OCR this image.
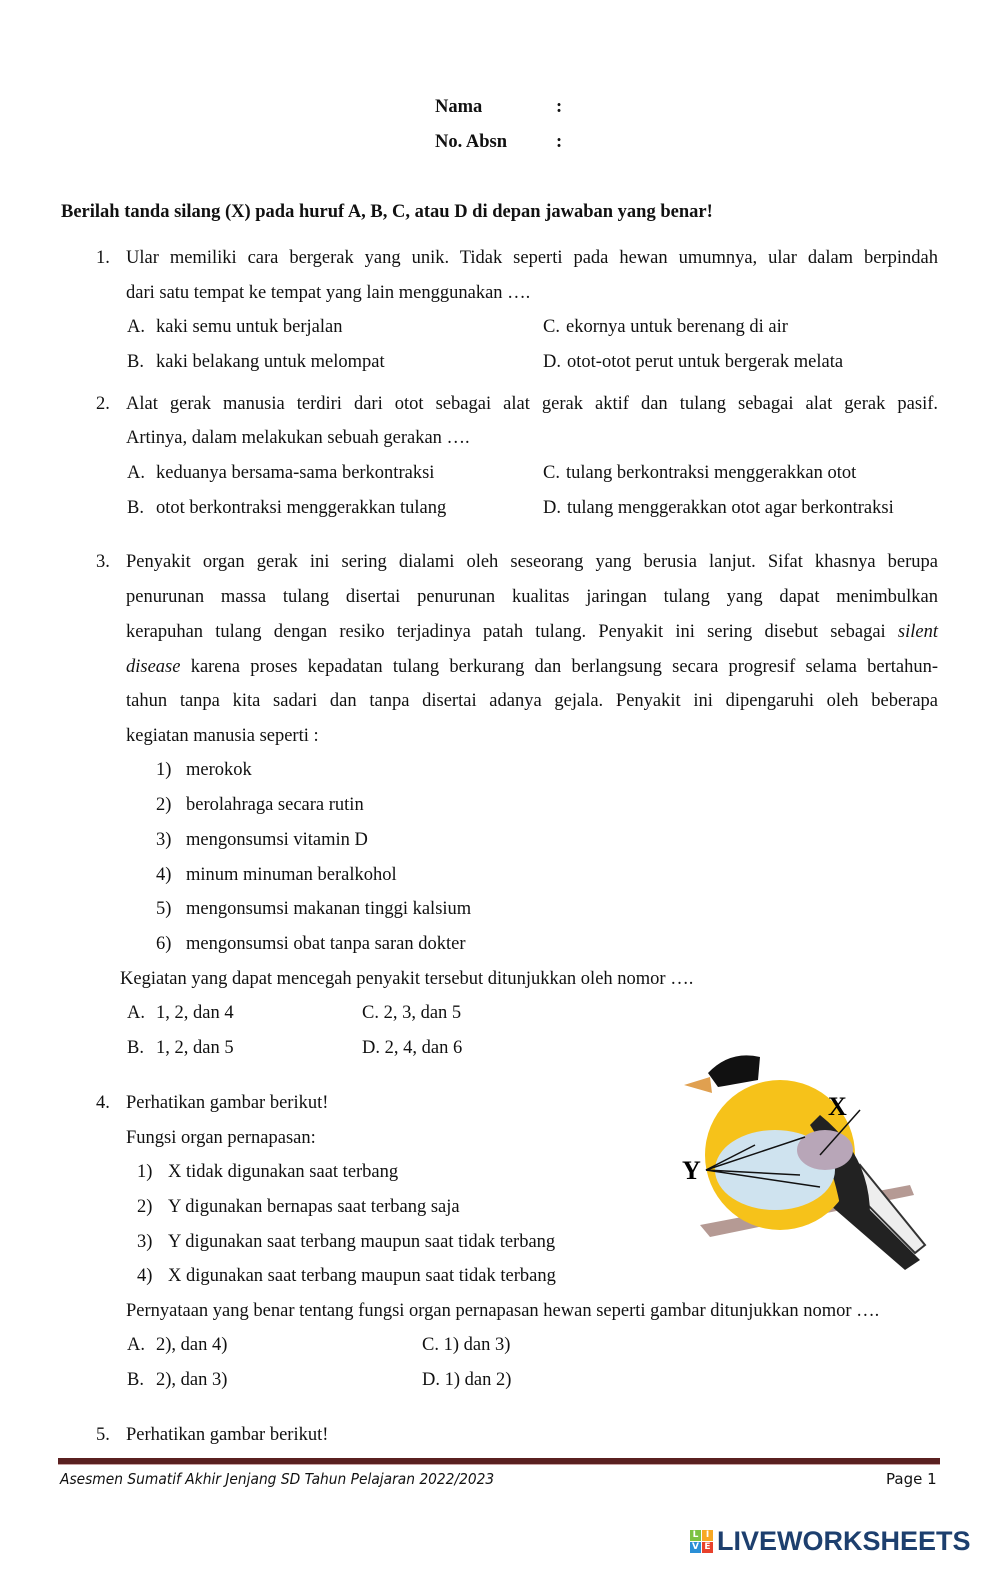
Nama	:
No. Absn	:
Berilah tanda silang (X) pada huruf A, B, C, atau D di depan jawaban yang benar!
1. Ular memiliki cara bergerak yang unik. Tidak seperti pada hewan umumnya, ular dalam berpindah
dari satu tempat ke tempat yang lain menggunakan ….
A. kaki semu untuk berjalan
B. kaki belakang untuk melompat
C. ekornya untuk berenang di air
D. otot-otot perut untuk bergerak melata
2. Alat gerak manusia terdiri dari otot sebagai alat gerak aktif dan tulang sebagai alat gerak pasif.
Artinya, dalam melakukan sebuah gerakan ….
A. keduanya bersama-sama berkontraksi
B. otot berkontraksi menggerakkan tulang
C. tulang berkontraksi menggerakkan otot
D. tulang menggerakkan otot agar berkontraksi
3. Penyakit organ gerak ini sering dialami oleh seseorang yang berusia lanjut. Sifat khasnya berupa
penurunan massa tulang disertai penurunan kualitas jaringan tulang yang dapat menimbulkan
kerapuhan tulang dengan resiko terjadinya patah tulang. Penyakit ini sering disebut sebagai silent
disease karena proses kepadatan tulang berkurang dan berlangsung secara progresif selama bertahun-
tahun tanpa kita sadari dan tanpa disertai adanya gejala. Penyakit ini dipengaruhi oleh beberapa
kegiatan manusia seperti :
1) merokok
2) berolahraga secara rutin
3) mengonsumsi vitamin D
4) minum minuman beralkohol
5) mengonsumsi makanan tinggi kalsium
6) mengonsumsi obat tanpa saran dokter
Kegiatan yang dapat mencegah penyakit tersebut ditunjukkan oleh nomor ….
A. 1, 2, dan 4
B. 1, 2, dan 5
C. 2, 3, dan 5
D. 2, 4, dan 6
4. Perhatikan gambar berikut!
Fungsi organ pernapasan:
1) X tidak digunakan saat terbang
2) Y digunakan bernapas saat terbang saja
3) Y digunakan saat terbang maupun saat tidak terbang
4) X digunakan saat terbang maupun saat tidak terbang
Pernyataan yang benar tentang fungsi organ pernapasan hewan seperti gambar ditunjukkan nomor ….
A. 2), dan 4)
B. 2), dan 3)
C. 1) dan 3)
D. 1) dan 2)
X
Y
5. Perhatikan gambar berikut!
Asesmen Sumatif Akhir Jenjang SD Tahun Pelajaran 2022/2023	Page 1
L I
V E LIVEWORKSHEETS
